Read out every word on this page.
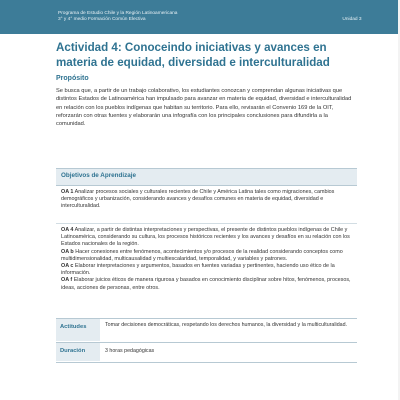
Programa de Estudio Chile y la Región Latinoamericana
3° y 4° medio Formación Común Electiva	Unidad 3
Actividad 4: Conoceindo iniciativas y avances en materia de equidad, diversidad e interculturalidad
Propósito
Se busca que, a partir de un trabajo colaborativo, los estudiantes conozcan y comprendan algunas iniciativas que distintos Estados de Latinoamérica han impulsado para avanzar en materia de equidad, diversidad e interculturalidad en relación con los pueblos indígenas que habitan su territorio. Para ello, revisarán el Convenio 169 de la OIT, reforzarán con otras fuentes y elaborarán una infografía con los principales conclusiones para difundirla a la comunidad.
Objetivos de Aprendizaje

OA 1 Analizar procesos sociales y culturales recientes de Chile y América Latina tales como migraciones, cambios demográficos y urbanización, considerando avances y desafíos comunes en materia de equidad, diversidad e interculturalidad.

OA 4 Analizar, a partir de distintas interpretaciones y perspectivas, el presente de distintos pueblos indígenas de Chile y Latinoamérica, considerando su cultura, los procesos históricos recientes y los avances y desafíos en su relación con los Estados nacionales de la región.

OA b Hacer conexiones entre fenómenos, acontecimientos y/o procesos de la realidad considerando conceptos como multidimensionalidad, multicausalidad y multiescalaridad, temporalidad, y variables y patrones.

OA c Elaborar interpretaciones y argumentos, basados en fuentes variadas y pertinentes, haciendo uso ético de la información.

OA f Elaborar juicios éticos de manera rigurosa y basados en conocimiento disciplinar sobre hitos, fenómenos, procesos, ideas, acciones de personas, entre otros.

Actitudes	Tomar decisiones democráticas, respetando los derechos humanos, la diversidad y la multiculturalidad.
Duración	3 horas pedagógicas
